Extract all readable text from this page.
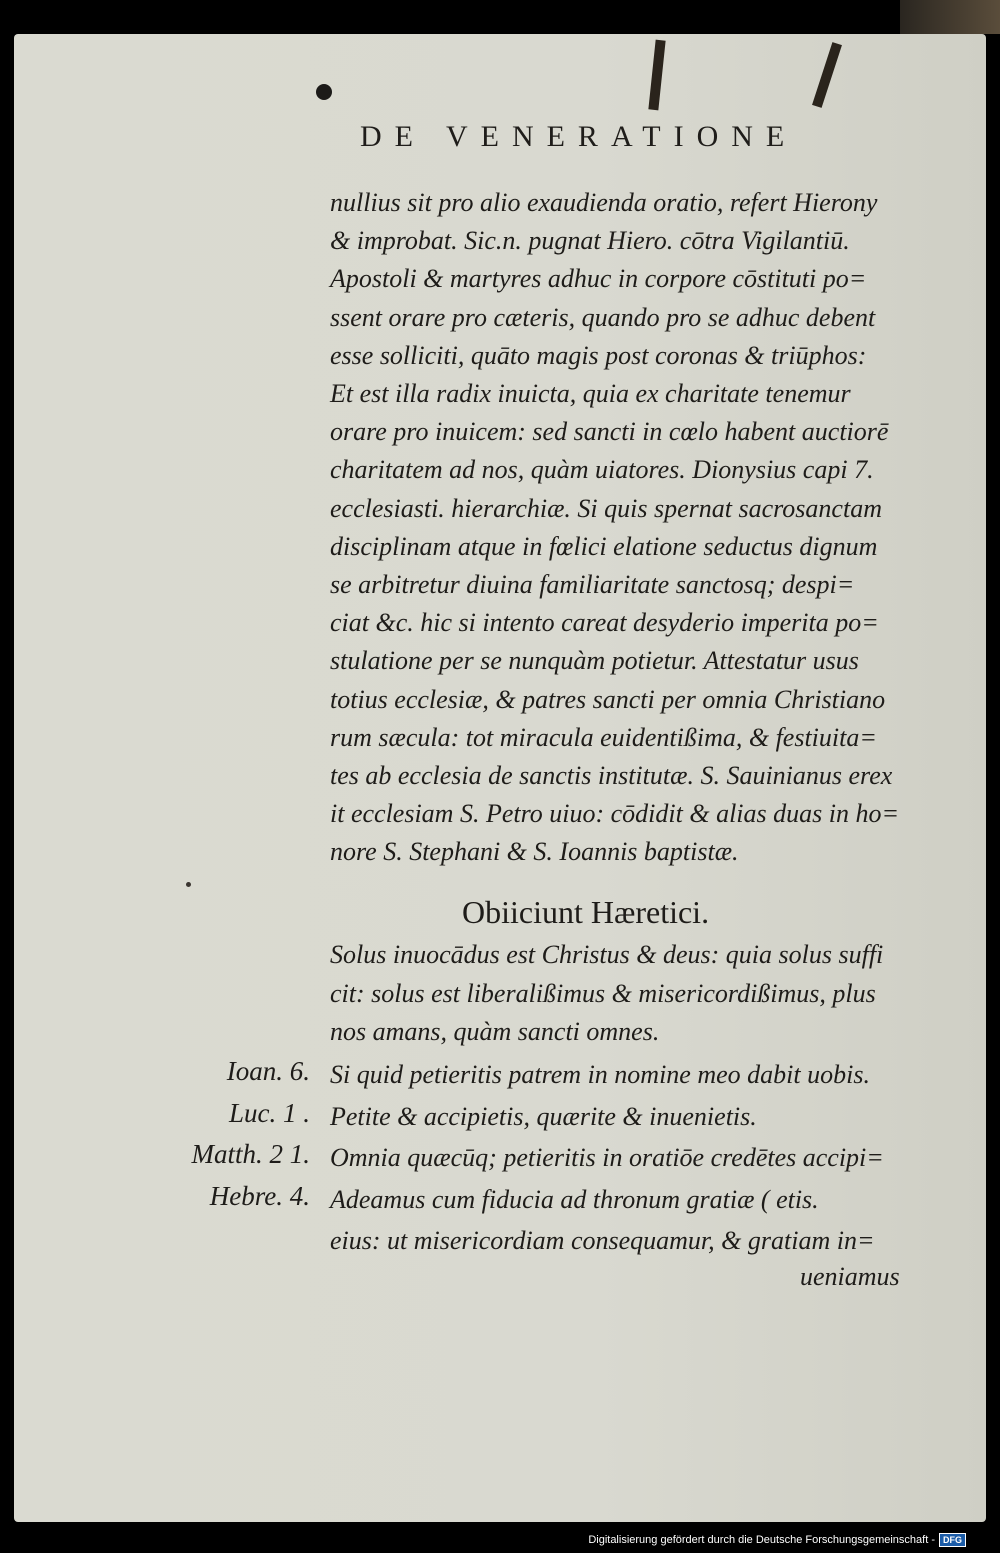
DE VENERATIONE
nullius sit pro alio exaudienda oratio, refert Hierony
& improbat. Sic.n. pugnat Hiero. cōtra Vigilantiū.
Apostoli & martyres adhuc in corpore cōstituti po=
ssent orare pro cæteris, quando pro se adhuc debent
esse solliciti, quāto magis post coronas & triūphos:
Et est illa radix inuicta, quia ex charitate tenemur
orare pro inuicem: sed sancti in cœlo habent auctiorē
charitatem ad nos, quàm uiatores. Dionysius capi 7.
ecclesiasti. hierarchiæ. Si quis spernat sacrosanctam
disciplinam atque in fœlici elatione seductus dignum
se arbitretur diuina familiaritate sanctosq; despi=
ciat &c. hic si intento careat desyderio imperita po=
stulatione per se nunquàm potietur. Attestatur usus
totius ecclesiæ, & patres sancti per omnia Christiano
rum sæcula: tot miracula euidentißima, & festiuita=
tes ab ecclesia de sanctis institutæ. S. Sauinianus erex
it ecclesiam S. Petro uiuo: cōdidit & alias duas in ho=
nore S. Stephani & S. Ioannis baptistæ.
Obiiciunt Hæretici.
Solus inuocādus est Christus & deus: quia solus suffi
cit: solus est liberalißimus & misericordißimus, plus
nos amans, quàm sancti omnes.
Ioan. 6. Si quid petieritis patrem in nomine meo dabit uobis.
Luc. 1 . Petite & accipietis, quærite & inuenietis.
Matth. 2 1. Omnia quæcūq; petieritis in oratiōe credētes accipi=
Hebre. 4. Adeamus cum fiducia ad thronum gratiæ ( etis.
eius: ut misericordiam consequamur, & gratiam in=
ueniamus
Digitalisierung gefördert durch die Deutsche Forschungsgemeinschaft - DFG
